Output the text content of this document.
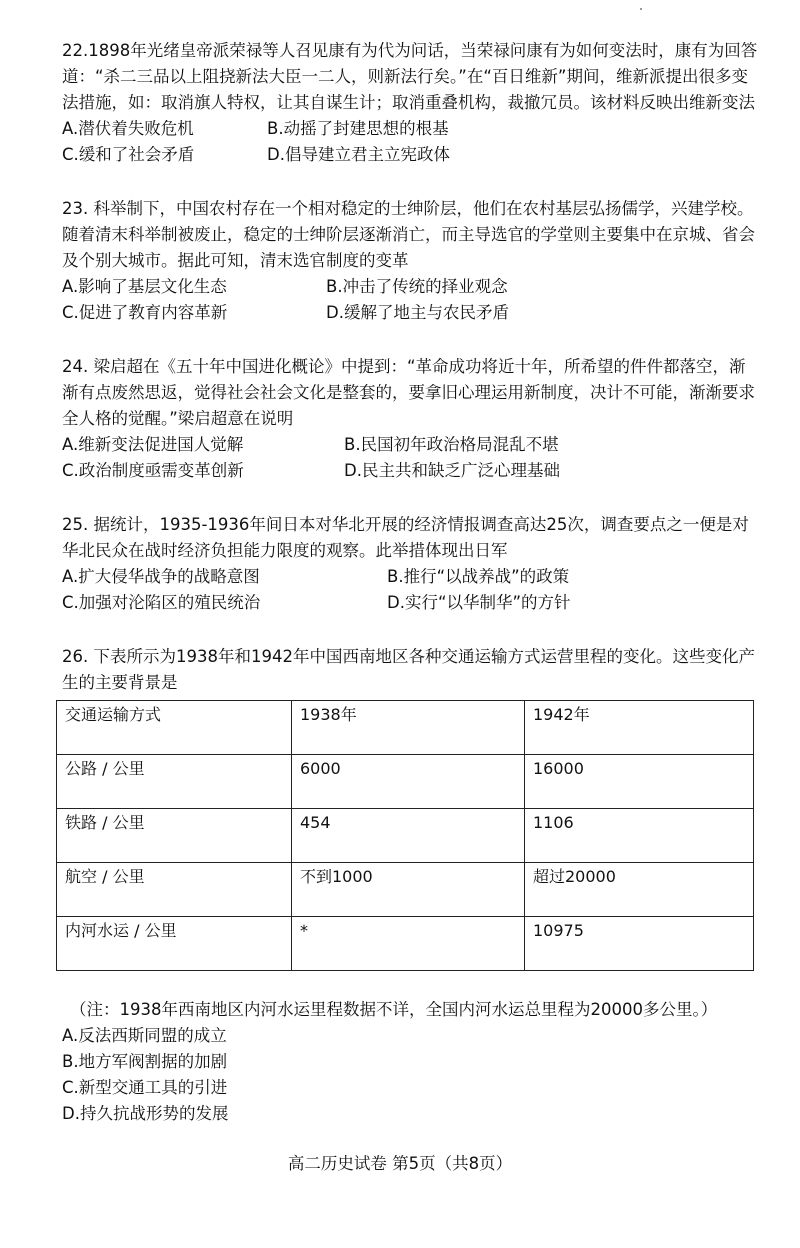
22.1898年光绪皇帝派荣禄等人召见康有为代为问话，当荣禄问康有为如何变法时，康有为回答道：“杀二三品以上阻挠新法大臣一二人，则新法行矣。”在“百日维新”期间，维新派提出很多变法措施，如：取消旗人特权，让其自谋生计；取消重叠机构，裁撤冗员。该材料反映出维新变法

A.潜伏着失败危机	B.动摇了封建思想的根基
C.缓和了社会矛盾	D.倡导建立君主立宪政体

23. 科举制下，中国农村存在一个相对稳定的士绅阶层，他们在农村基层弘扬儒学，兴建学校。随着清末科举制被废止，稳定的士绅阶层逐渐消亡，而主导选官的学堂则主要集中在京城、省会及个别大城市。据此可知，清末选官制度的变革

A.影响了基层文化生态	B.冲击了传统的择业观念
C.促进了教育内容革新	D.缓解了地主与农民矛盾

24. 梁启超在《五十年中国进化概论》中提到：“革命成功将近十年，所希望的件件都落空，渐渐有点废然思返，觉得社会社会文化是整套的，要拿旧心理运用新制度，决计不可能，渐渐要求全人格的觉醒。”梁启超意在说明

A.维新变法促进国人觉解	B.民国初年政治格局混乱不堪
C.政治制度亟需变革创新	D.民主共和缺乏广泛心理基础

25. 据统计，1935-1936年间日本对华北开展的经济情报调查高达25次，调查要点之一便是对华北民众在战时经济负担能力限度的观察。此举措体现出日军

A.扩大侵华战争的战略意图	B.推行“以战养战”的政策
C.加强对沦陷区的殖民统治	D.实行“以华制华”的方针

26. 下表所示为1938年和1942年中国西南地区各种交通运输方式运营里程的变化。这些变化产生的主要背景是

交通运输方式	1938年	1942年
公路 / 公里	6000	16000
铁路 / 公里	454	1106
航空 / 公里	不到1000	超过20000
内河水运 / 公里	*	10975

（注：1938年西南地区内河水运里程数据不详，全国内河水运总里程为20000多公里。）

A.反法西斯同盟的成立
B.地方军阀割据的加剧
C.新型交通工具的引进
D.持久抗战形势的发展
高二历史试卷 第5页（共8页）
